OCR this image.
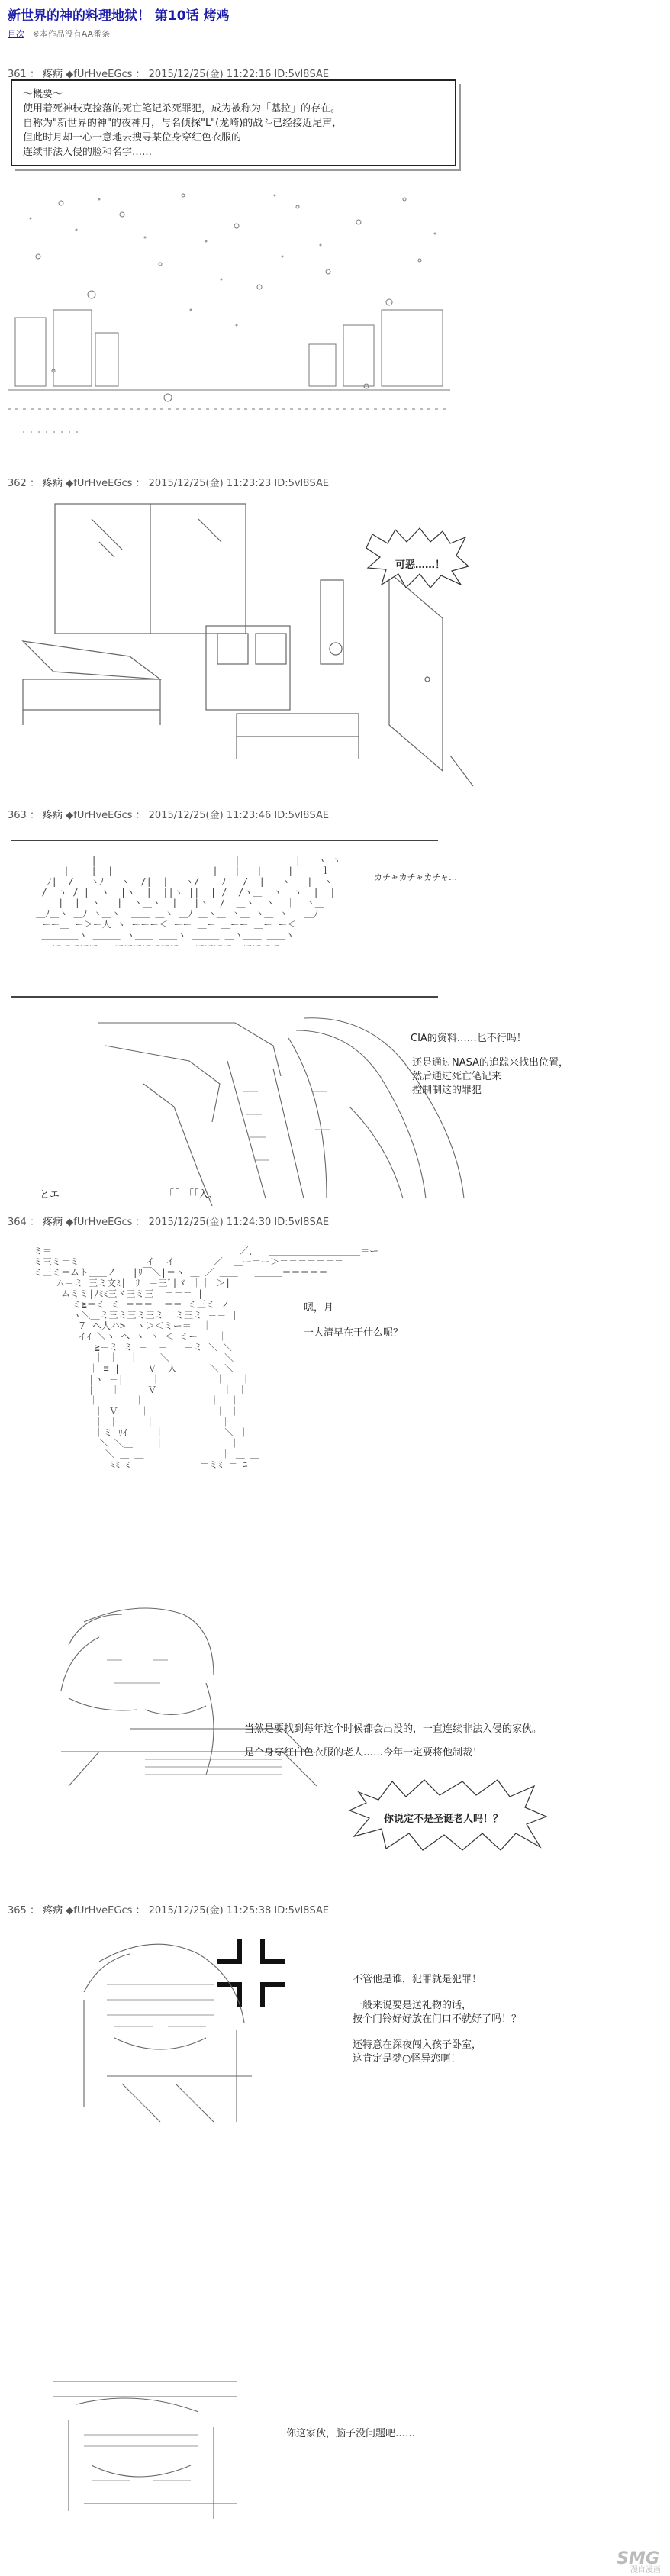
新世界的神的料理地狱！ 第10话 烤鸡
目次 ※本作品没有AA番条
361 ： 疼病 ◆fUrHveEGcs ： 2015/12/25(金) 11:22:16 ID:5vl8SAE
～概要～
使用着死神枝克捡落的死亡笔记杀死罪犯，成为被称为「基拉」的存在。
自称为"新世界的神"的夜神月，与名侦探"L"(龙崎)的战斗已经接近尾声，
但此时月却一心一意地去搜寻某位身穿红色衣服的
连续非法入侵的脸和名字……
362 ： 疼病 ◆fUrHveEGcs ： 2015/12/25(金) 11:23:23 ID:5vl8SAE
可恶……！
363 ： 疼病 ◆fUrHveEGcs ： 2015/12/25(金) 11:23:46 ID:5vl8SAE
|                         |          |   ヽ ヽ
|    |  |                  |   |   |   ＿|     ｌ
ﾉ|  /   ヽﾉ   ヽ  /|  |   ヽ/    ﾉ   /  |   ヽ   |  ヽ
/  ヽ / |  ヽ  |ヽ  |  ||ヽ ||  | /  /ヽ＿  ヽ  ヽ  |  |
|  |  ヽ   |  ヽ＿ヽ  |   |ヽ  /  ＿ヽ  ヽ  ｜  ヽ＿|
＿ﾉ＿ヽ ＿ﾉ ヽ＿ヽ  ＿＿ ＿ヽ ＿ﾉ ＿ヽ＿ ヽ＿ ヽ＿ ヽ   ＿ﾉ
ーー＿ ー＞ー人 ヽ ーーー＜ ーー ＿ー ＿ーー ＿ー ー＜
＿＿＿＿ヽ ＿＿＿ ヽ＿＿ ＿＿ヽ ＿＿＿ ＿ヽ＿＿ ＿＿ヽ
ーーーーー   ーーーーーーー   ーーーー  ーーーー
カチャカチャカチャ…
CIA的资料……也不行吗！
还是通过NASA的追踪来找出位置，
然后通过死亡笔记来
控制制这的罪犯
とエ	「「　「「入、
364 ： 疼病 ◆fUrHveEGcs ： 2015/12/25(金) 11:24:30 ID:5vl8SAE
ミ＝                                  ／、  ＿＿＿＿＿＿＿＿＿＿＝ー
ミ三ミ＝ミ            イ  イ       ／  ＿ー＝ー＞＝＝＝＝＝＝＝
ミ三ミ＝ムト＿＿ノ   |ﾘ￣＼|＝ヽ ＿ ／ ＿＿   ＿＿＿＝＝＝＝＝
ム＝ミ 三ミ文ﾐ|￣ﾘ￣＝三ﾞ|ヾ ｜｜ ＞|
ムミミ|ﾉﾐﾐ三ヾ三ミ三  ＝＝＝ |
ミ≧＝ミ ミ ＝＝＝  ＝＝ ミ三ミ ノ
ヽ＼＿ミ三ミ三ミ三ミ  ミ三ミ ＝＝ |
７ ヘ人ハ>  ヽ＞＜ミー＝  ｜
イｲ ＼ヽ ヘ ヽ ヽ ＜ ミー ｜ ｜
≧＝ミ ミ ＝  ＝   ＝ミ ＼ ＼
｜ ｜  ｜    ＼ ＿ ＿ ＿  ＼
｜ ≡ |     Ｖ  人      ＼ ＼
|ヽ ＝|     ｜          ｜   ｜
|   ｜     Ｖ            ｜ ｜
｜ ｜    ｜            ｜  ｜
｜ Ｖ    ｜            ｜ ｜
｜ ｜     ｜            ｜
｜ミ ﾘｲ     ｜           ＼ ｜
＼ ＼＿    ｜            ｜
＼ ＿ ＿              ｜ ＿ ＿
ﾐﾐ ﾐ＿           ＝ミﾐ ＝ ﾆ
嗯，月
一大清早在干什么呢？
当然是要找到每年这个时候都会出没的，一直连续非法入侵的家伙。
是个身穿红白色衣服的老人……今年一定要将他制裁！
你说定不是圣诞老人吗！？
365 ： 疼病 ◆fUrHveEGcs ： 2015/12/25(金) 11:25:38 ID:5vl8SAE
不管他是谁，犯罪就是犯罪！
一般来说要是送礼物的话，
按个门铃好好放在门口不就好了吗！？
还特意在深夜闯入孩子卧室，
这肯定是梦○怪异恋啊！
你这家伙，脑子没问题吧……
SMG
漫自漫画
